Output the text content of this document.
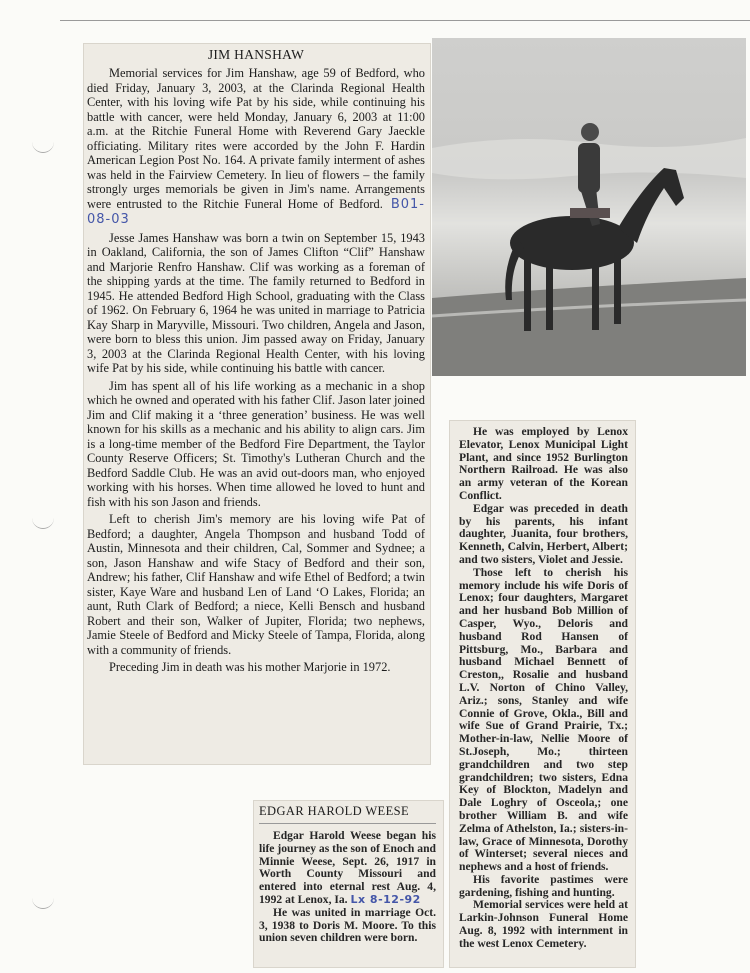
JIM HANSHAW

Memorial services for Jim Hanshaw, age 59 of Bedford, who died Friday, January 3, 2003, at the Clarinda Regional Health Center, with his loving wife Pat by his side, while continuing his battle with cancer, were held Monday, January 6, 2003 at 11:00 a.m. at the Ritchie Funeral Home with Reverend Gary Jaeckle officiating. Military rites were accorded by the John F. Hardin American Legion Post No. 164. A private family interment of ashes was held in the Fairview Cemetery. In lieu of flowers – the family strongly urges memorials be given in Jim's name. Arrangements were entrusted to the Ritchie Funeral Home of Bedford. B01-08-03

Jesse James Hanshaw was born a twin on September 15, 1943 in Oakland, California, the son of James Clifton “Clif” Hanshaw and Marjorie Renfro Hanshaw. Clif was working as a foreman of the shipping yards at the time. The family returned to Bedford in 1945. He attended Bedford High School, graduating with the Class of 1962. On February 6, 1964 he was united in marriage to Patricia Kay Sharp in Maryville, Missouri. Two children, Angela and Jason, were born to bless this union. Jim passed away on Friday, January 3, 2003 at the Clarinda Regional Health Center, with his loving wife Pat by his side, while continuing his battle with cancer.

Jim has spent all of his life working as a mechanic in a shop which he owned and operated with his father Clif. Jason later joined Jim and Clif making it a ‘three generation’ business. He was well known for his skills as a mechanic and his ability to align cars. Jim is a long-time member of the Bedford Fire Department, the Taylor County Reserve Officers; St. Timothy's Lutheran Church and the Bedford Saddle Club. He was an avid out-doors man, who enjoyed working with his horses. When time allowed he loved to hunt and fish with his son Jason and friends.

Left to cherish Jim's memory are his loving wife Pat of Bedford; a daughter, Angela Thompson and husband Todd of Austin, Minnesota and their children, Cal, Sommer and Sydnee; a son, Jason Hanshaw and wife Stacy of Bedford and their son, Andrew; his father, Clif Hanshaw and wife Ethel of Bedford; a twin sister, Kaye Ware and husband Len of Land ‘O Lakes, Florida; an aunt, Ruth Clark of Bedford; a niece, Kelli Bensch and husband Robert and their son, Walker of Jupiter, Florida; two nephews, Jamie Steele of Bedford and Micky Steele of Tampa, Florida, along with a community of friends.

Preceding Jim in death was his mother Marjorie in 1972.

He was employed by Lenox Elevator, Lenox Municipal Light Plant, and since 1952 Burlington Northern Railroad. He was also an army veteran of the Korean Conflict.

Edgar was preceded in death by his parents, his infant daughter, Juanita, four brothers, Kenneth, Calvin, Herbert, Albert; and two sisters, Violet and Jessie.

Those left to cherish his memory include his wife Doris of Lenox; four daughters, Margaret and her husband Bob Million of Casper, Wyo., Deloris and husband Rod Hansen of Pittsburg, Mo., Barbara and husband Michael Bennett of Creston,, Rosalie and husband L.V. Norton of Chino Valley, Ariz.; sons, Stanley and wife Connie of Grove, Okla., Bill and wife Sue of Grand Prairie, Tx.; Mother-in-law, Nellie Moore of St.Joseph, Mo.; thirteen grandchildren and two step grandchildren; two sisters, Edna Key of Blockton, Madelyn and Dale Loghry of Osceola,; one brother William B. and wife Zelma of Athelston, Ia.; sisters-in-law, Grace of Minnesota, Dorothy of Winterset; several nieces and nephews and a host of friends.

His favorite pastimes were gardening, fishing and hunting.

Memorial services were held at Larkin-Johnson Funeral Home Aug. 8, 1992 with internment in the west Lenox Cemetery.

EDGAR HAROLD WEESE

Edgar Harold Weese began his life journey as the son of Enoch and Minnie Weese, Sept. 26, 1917 in Worth County Missouri and entered into eternal rest Aug. 4, 1992 at Lenox, Ia. Lx 8-12-92

He was united in marriage Oct. 3, 1938 to Doris M. Moore. To this union seven children were born.
